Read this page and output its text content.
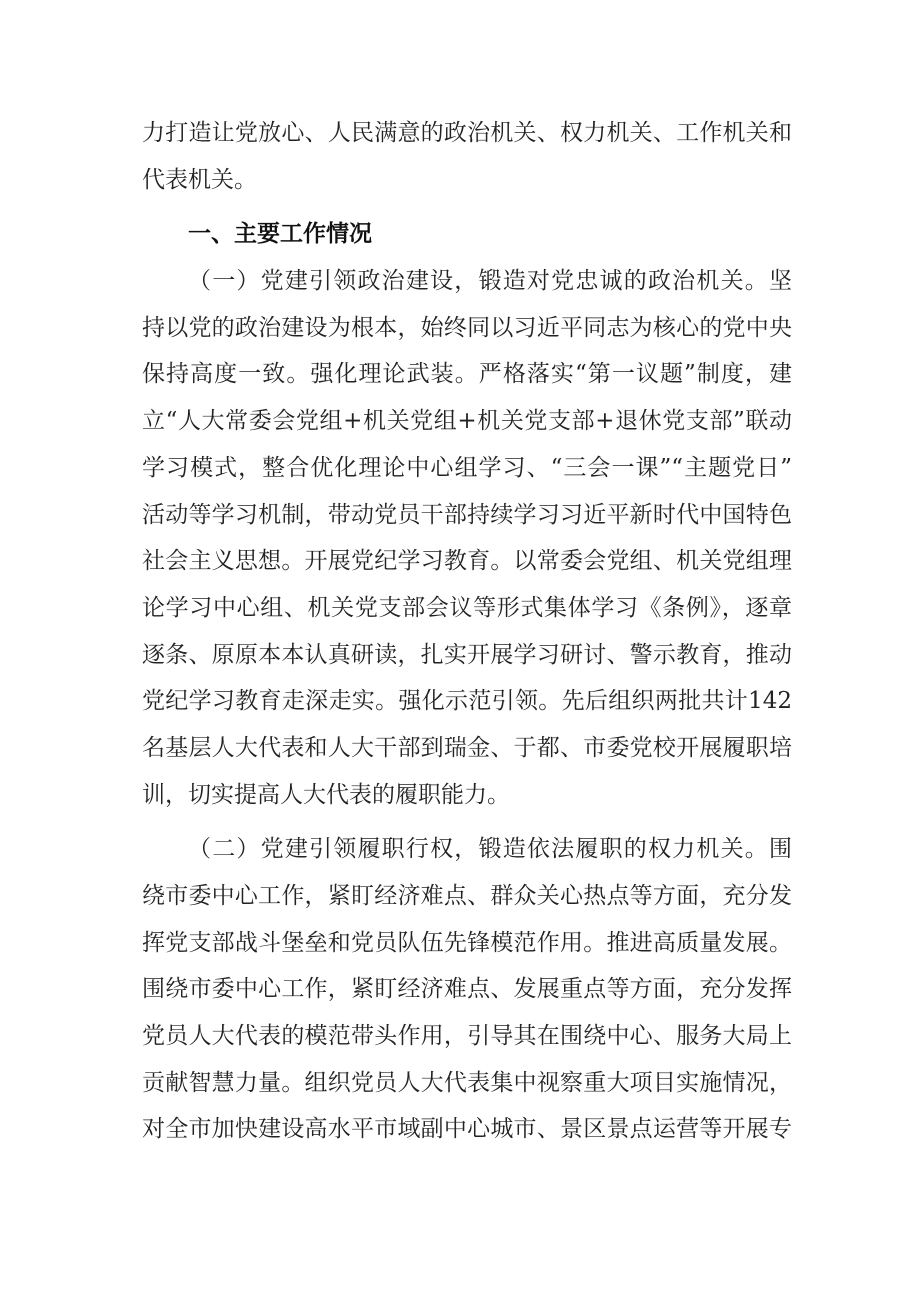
力打造让党放心、人民满意的政治机关、权力机关、工作机关和
代表机关。
一、主要工作情况
（一）党建引领政治建设，锻造对党忠诚的政治机关。坚
持以党的政治建设为根本，始终同以习近平同志为核心的党中央
保持高度一致。强化理论武装。严格落实“第一议题”制度，建
立“人大常委会党组+机关党组+机关党支部+退休党支部”联动
学习模式，整合优化理论中心组学习、“三会一课”“主题党日”
活动等学习机制，带动党员干部持续学习习近平新时代中国特色
社会主义思想。开展党纪学习教育。以常委会党组、机关党组理
论学习中心组、机关党支部会议等形式集体学习《条例》，逐章
逐条、原原本本认真研读，扎实开展学习研讨、警示教育，推动
党纪学习教育走深走实。强化示范引领。先后组织两批共计142
名基层人大代表和人大干部到瑞金、于都、市委党校开展履职培
训，切实提高人大代表的履职能力。
（二）党建引领履职行权，锻造依法履职的权力机关。围
绕市委中心工作，紧盯经济难点、群众关心热点等方面，充分发
挥党支部战斗堡垒和党员队伍先锋模范作用。推进高质量发展。
围绕市委中心工作，紧盯经济难点、发展重点等方面，充分发挥
党员人大代表的模范带头作用，引导其在围绕中心、服务大局上
贡献智慧力量。组织党员人大代表集中视察重大项目实施情况，
对全市加快建设高水平市域副中心城市、景区景点运营等开展专
